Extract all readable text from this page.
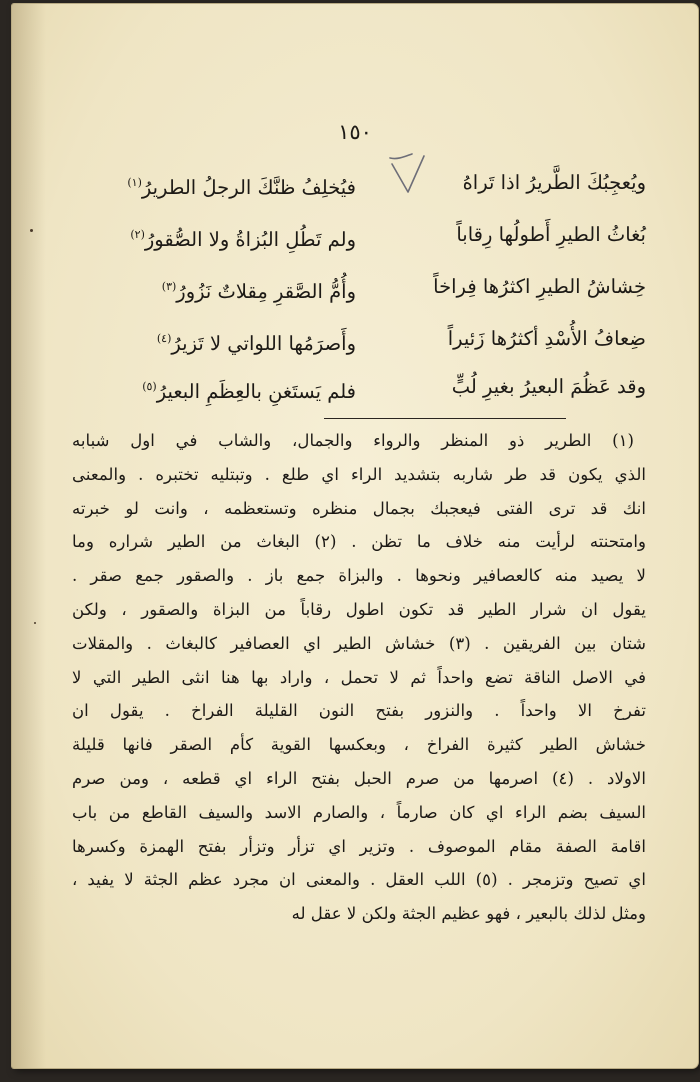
١٥٠
ويُعجِبُكَ الطَّريرُ اذا تَراهُ
فيُخلِفُ ظنَّكَ الرجلُ الطريرُ$^{(١)}$
بُغاثُ الطيرِ أَطولُها رِقاباً
ولم تَطُلِ البُزاةُ ولا الصُّقورُ$^{(٢)}$
خِشاشُ الطيرِ اكثرُها فِراخاً
وأُمُّ الصَّقرِ مِقلاتٌ نَزُورُ$^{(٣)}$
ضِعافُ الأُسْدِ أكثرُها زَئيراً
وأَصرَمُها اللواتي لا تَزيرُ$^{(٤)}$
وقد عَظُمَ البعيرُ بغيرِ لُبٍّ
فلم يَستَغنِ بالعِظَمِ البعيرُ$^{(٥)}$
(١) الطرير ذو المنظر والرواء والجمال، والشاب في اول شبابه
الذي يكون قد طر شاربه بتشديد الراء اي طلع . وتبتليه تختبره . والمعنى
انك قد ترى الفتى فيعجبك بجمال منظره وتستعظمه ، وانت لو خبرته
وامتحنته لرأيت منه خلاف ما تظن . (٢) البغاث من الطير شراره وما
لا يصيد منه كالعصافير ونحوها . والبزاة جمع باز . والصقور جمع صقر .
يقول ان شرار الطير قد تكون اطول رقاباً من البزاة والصقور ، ولكن
شتان بين الفريقين . (٣) خشاش الطير اي العصافير كالبغاث . والمقلات
في الاصل الناقة تضع واحداً ثم لا تحمل ، واراد بها هنا انثى الطير التي لا
تفرخ الا واحداً . والنزور بفتح النون القليلة الفراخ . يقول ان
خشاش الطير كثيرة الفراخ ، وبعكسها القوية كأم الصقر فانها قليلة
الاولاد . (٤) اصرمها من صرم الحبل بفتح الراء اي قطعه ، ومن صرم
السيف بضم الراء اي كان صارماً ، والصارم الاسد والسيف القاطع من باب
اقامة الصفة مقام الموصوف . وتزير اي تزأر وتزأر بفتح الهمزة وكسرها
اي تصيح وتزمجر . (٥) اللب العقل . والمعنى ان مجرد عظم الجثة لا يفيد ،
ومثل لذلك بالبعير ، فهو عظيم الجثة ولكن لا عقل له
